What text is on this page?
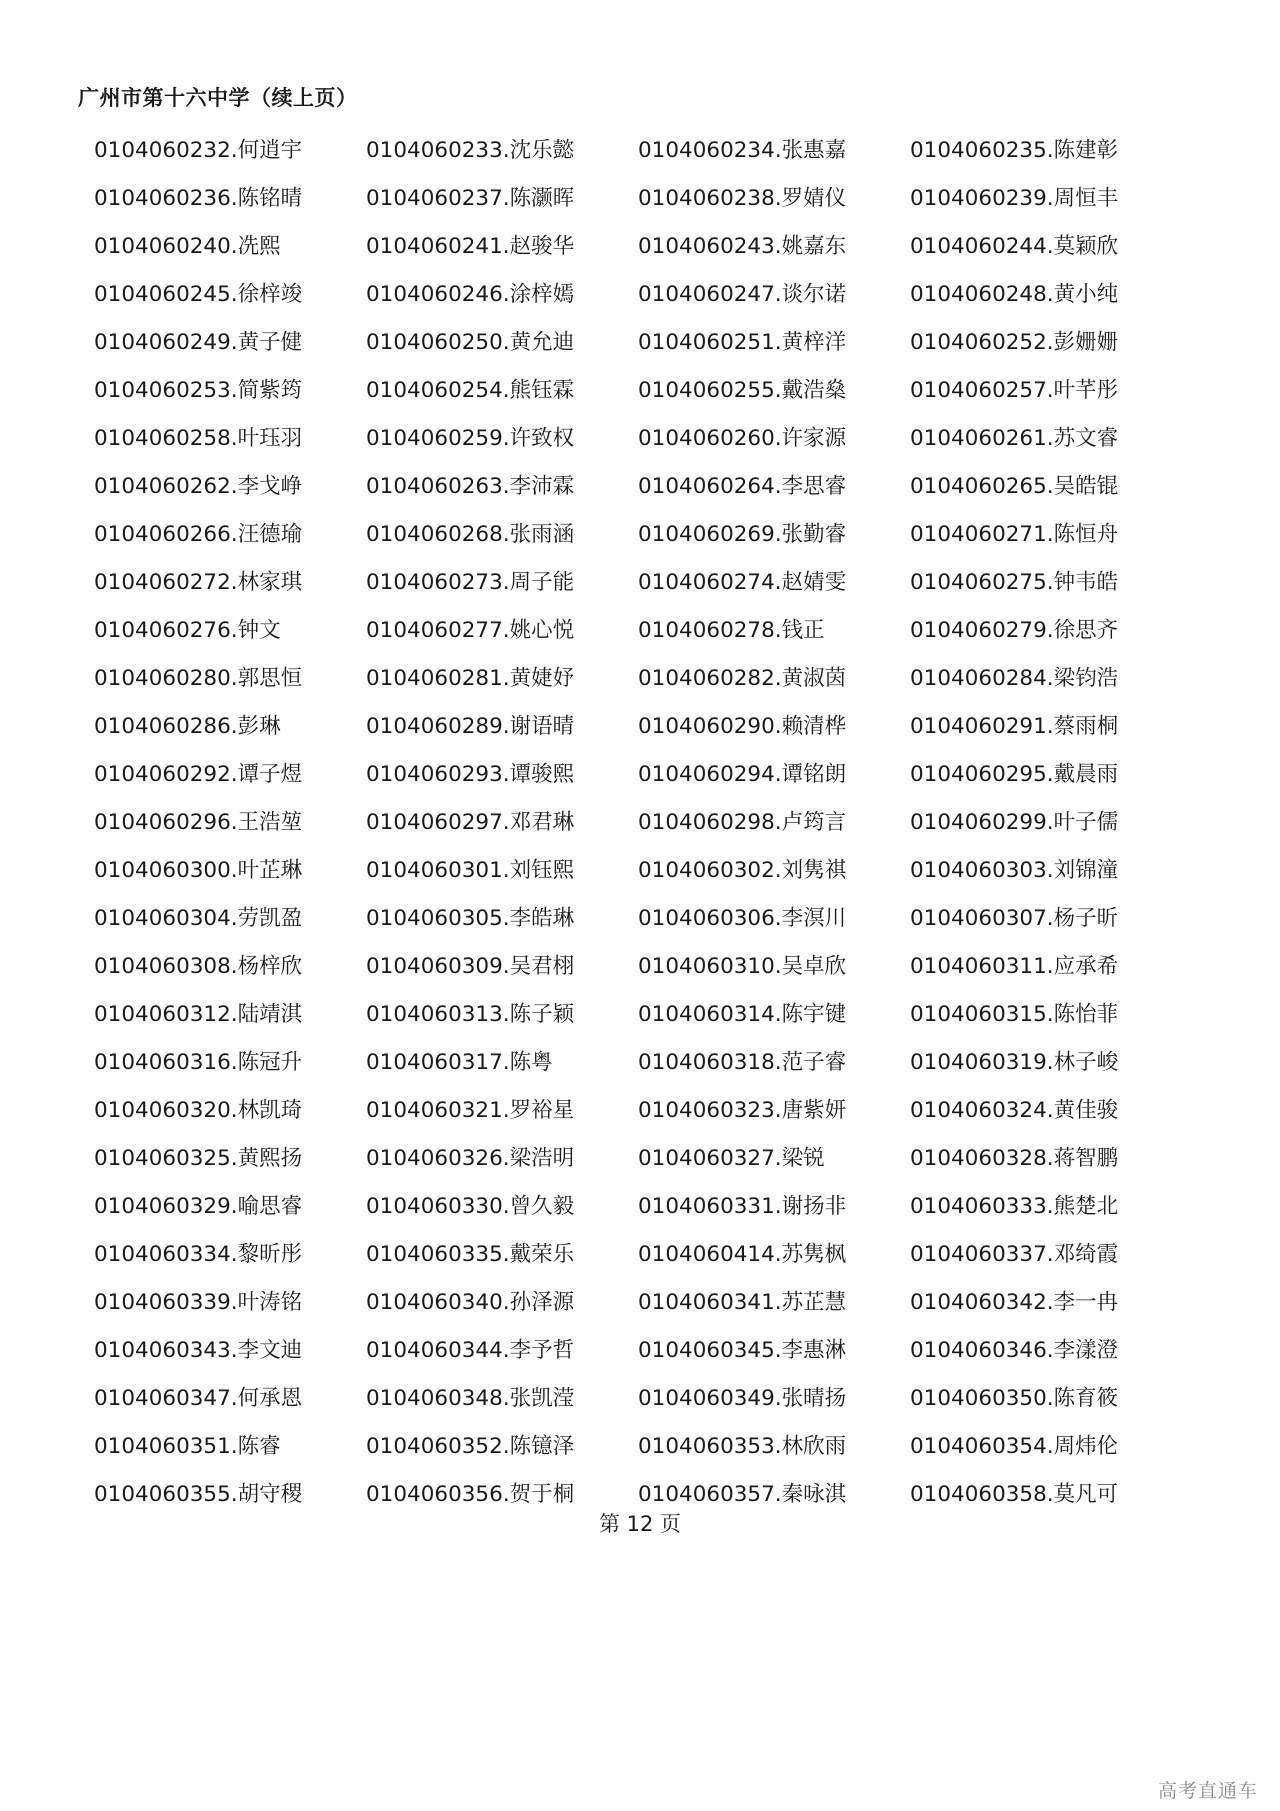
广州市第十六中学（续上页）
0104060232.何逍宇	0104060233.沈乐懿	0104060234.张惠嘉	0104060235.陈建彰
0104060236.陈铭晴	0104060237.陈灏晖	0104060238.罗婧仪	0104060239.周恒丰
0104060240.冼熙	0104060241.赵骏华	0104060243.姚嘉东	0104060244.莫颖欣
0104060245.徐梓竣	0104060246.涂梓嫣	0104060247.谈尔诺	0104060248.黄小纯
0104060249.黄子健	0104060250.黄允迪	0104060251.黄梓洋	0104060252.彭姗姗
0104060253.简紫筠	0104060254.熊钰霖	0104060255.戴浩燊	0104060257.叶芊彤
0104060258.叶珏羽	0104060259.许致权	0104060260.许家源	0104060261.苏文睿
0104060262.李戈峥	0104060263.李沛霖	0104060264.李思睿	0104060265.吴皓锟
0104060266.汪德瑜	0104060268.张雨涵	0104060269.张勤睿	0104060271.陈恒舟
0104060272.林家琪	0104060273.周子能	0104060274.赵婧雯	0104060275.钟韦皓
0104060276.钟文	0104060277.姚心悦	0104060278.钱正	0104060279.徐思齐
0104060280.郭思恒	0104060281.黄婕妤	0104060282.黄淑茵	0104060284.梁钧浩
0104060286.彭琳	0104060289.谢语晴	0104060290.赖清桦	0104060291.蔡雨桐
0104060292.谭子煜	0104060293.谭骏熙	0104060294.谭铭朗	0104060295.戴晨雨
0104060296.王浩堃	0104060297.邓君琳	0104060298.卢筠言	0104060299.叶子儒
0104060300.叶芷琳	0104060301.刘钰熙	0104060302.刘隽祺	0104060303.刘锦潼
0104060304.劳凯盈	0104060305.李皓琳	0104060306.李溟川	0104060307.杨子昕
0104060308.杨梓欣	0104060309.吴君栩	0104060310.吴卓欣	0104060311.应承希
0104060312.陆靖淇	0104060313.陈子颖	0104060314.陈宇键	0104060315.陈怡菲
0104060316.陈冠升	0104060317.陈粤	0104060318.范子睿	0104060319.林子峻
0104060320.林凯琦	0104060321.罗裕星	0104060323.唐紫妍	0104060324.黄佳骏
0104060325.黄熙扬	0104060326.梁浩明	0104060327.梁锐	0104060328.蒋智鹏
0104060329.喻思睿	0104060330.曾久毅	0104060331.谢扬非	0104060333.熊楚北
0104060334.黎昕彤	0104060335.戴荣乐	0104060414.苏隽枫	0104060337.邓绮霞
0104060339.叶涛铭	0104060340.孙泽源	0104060341.苏芷慧	0104060342.李一冉
0104060343.李文迪	0104060344.李予哲	0104060345.李惠淋	0104060346.李漾澄
0104060347.何承恩	0104060348.张凯滢	0104060349.张晴扬	0104060350.陈育筱
0104060351.陈睿	0104060352.陈镱泽	0104060353.林欣雨	0104060354.周炜伦
0104060355.胡守稷	0104060356.贺于桐	0104060357.秦咏淇	0104060358.莫凡可
第 12 页
高考直通车
